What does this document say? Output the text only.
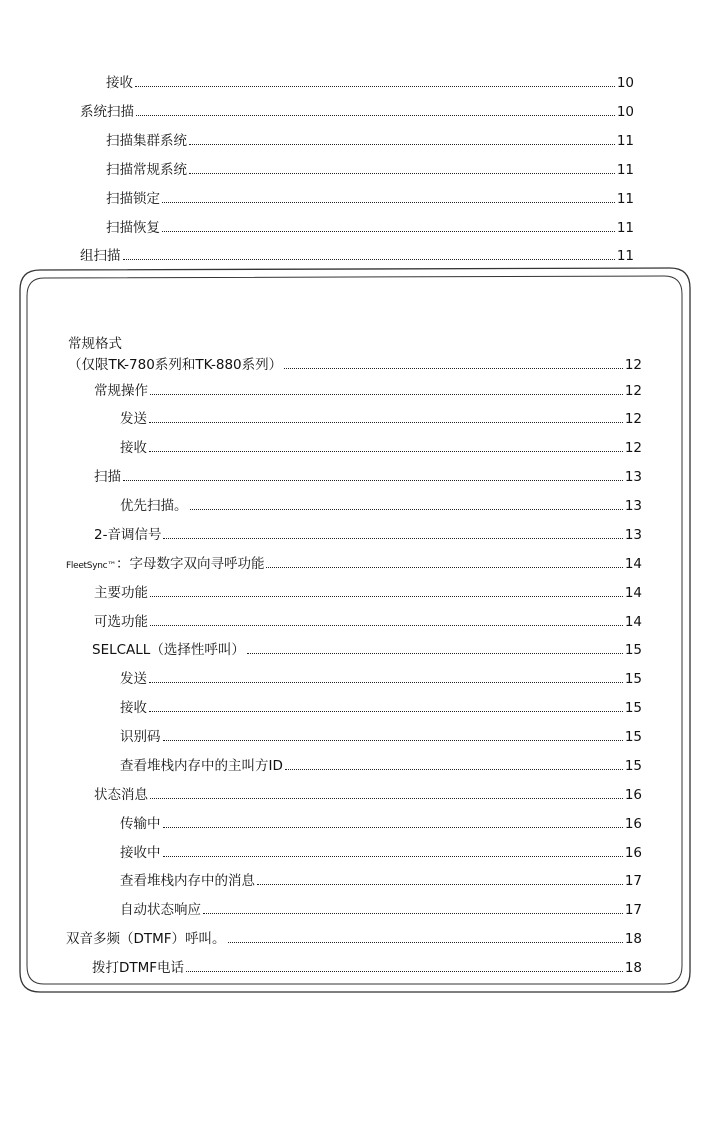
接收	10
系统扫描	10
扫描集群系统	11
扫描常规系统	11
扫描锁定	11
扫描恢复	11
组扫描	11
常规格式
（仅限TK-780系列和TK-880系列）	12
常规操作	12
发送	12
接收	12
扫描	13
优先扫描。	13
2-音调信号	13
FleetSync™：字母数字双向寻呼功能	14
主要功能	14
可选功能	14
SELCALL（选择性呼叫）	15
发送	15
接收	15
识别码	15
查看堆栈内存中的主叫方ID	15
状态消息	16
传输中	16
接收中	16
查看堆栈内存中的消息	17
自动状态响应	17
双音多频（DTMF）呼叫。	18
拨打DTMF电话	18
